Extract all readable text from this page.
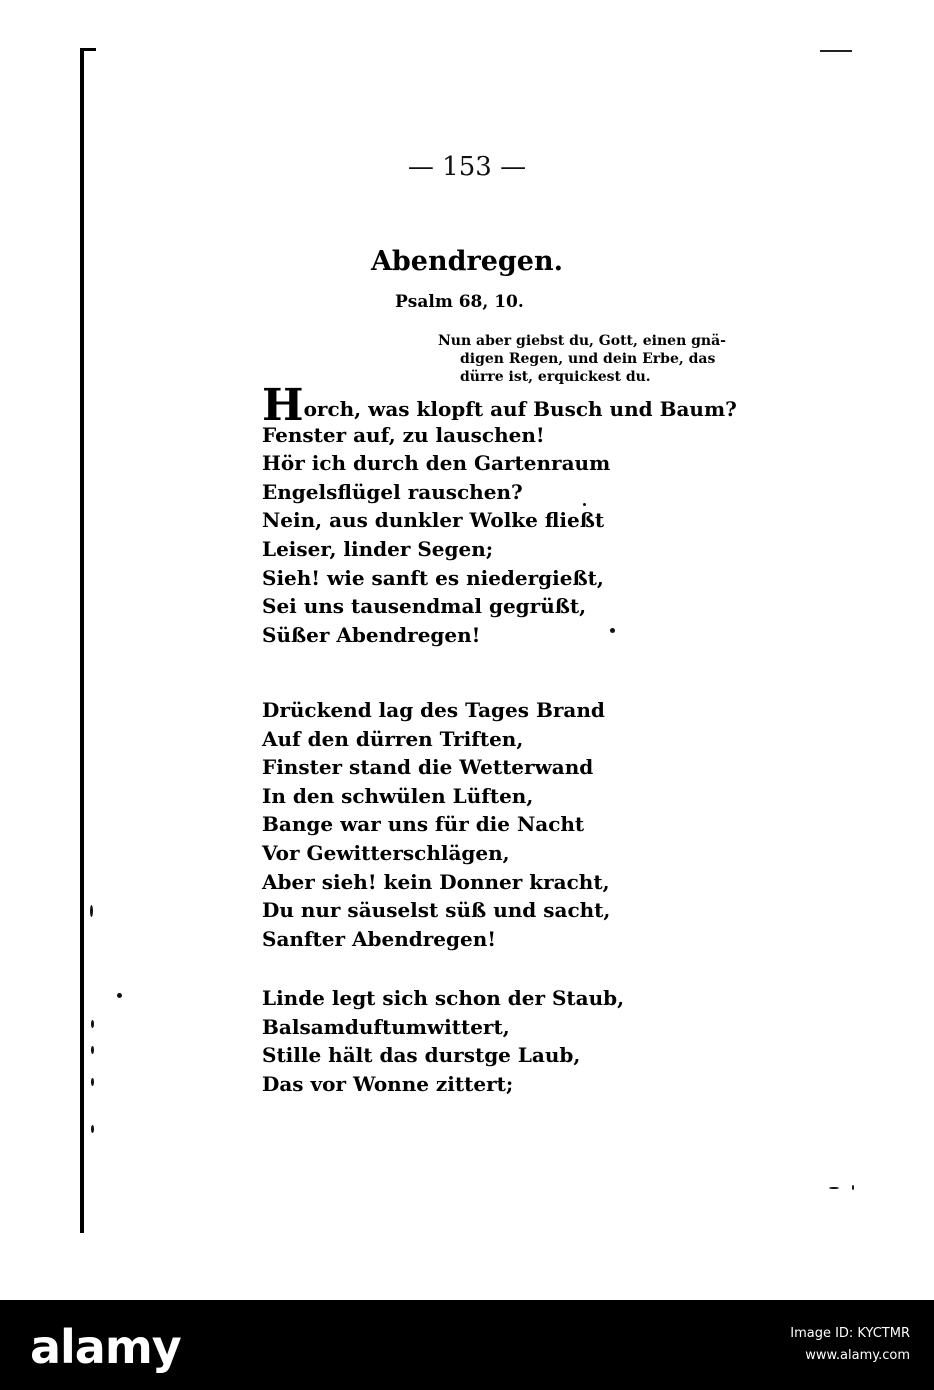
— 153 —
Abendregen.
Psalm 68, 10.
Nun aber giebst du, Gott, einen gnä-
digen Regen, und dein Erbe, das
dürre ist, erquickest du.
Horch, was klopft auf Busch und Baum?
Fenster auf, zu lauschen!
Hör ich durch den Gartenraum
Engelsflügel rauschen?
Nein, aus dunkler Wolke fließt
Leiser, linder Segen;
Sieh! wie sanft es niedergießt,
Sei uns tausendmal gegrüßt,
Süßer Abendregen!
Drückend lag des Tages Brand
Auf den dürren Triften,
Finster stand die Wetterwand
In den schwülen Lüften,
Bange war uns für die Nacht
Vor Gewitterschlägen,
Aber sieh! kein Donner kracht,
Du nur säuselst süß und sacht,
Sanfter Abendregen!
Linde legt sich schon der Staub,
Balsamduftumwittert,
Stille hält das durstge Laub,
Das vor Wonne zittert;
alamy	Image ID: KYCTMR
www.alamy.com
